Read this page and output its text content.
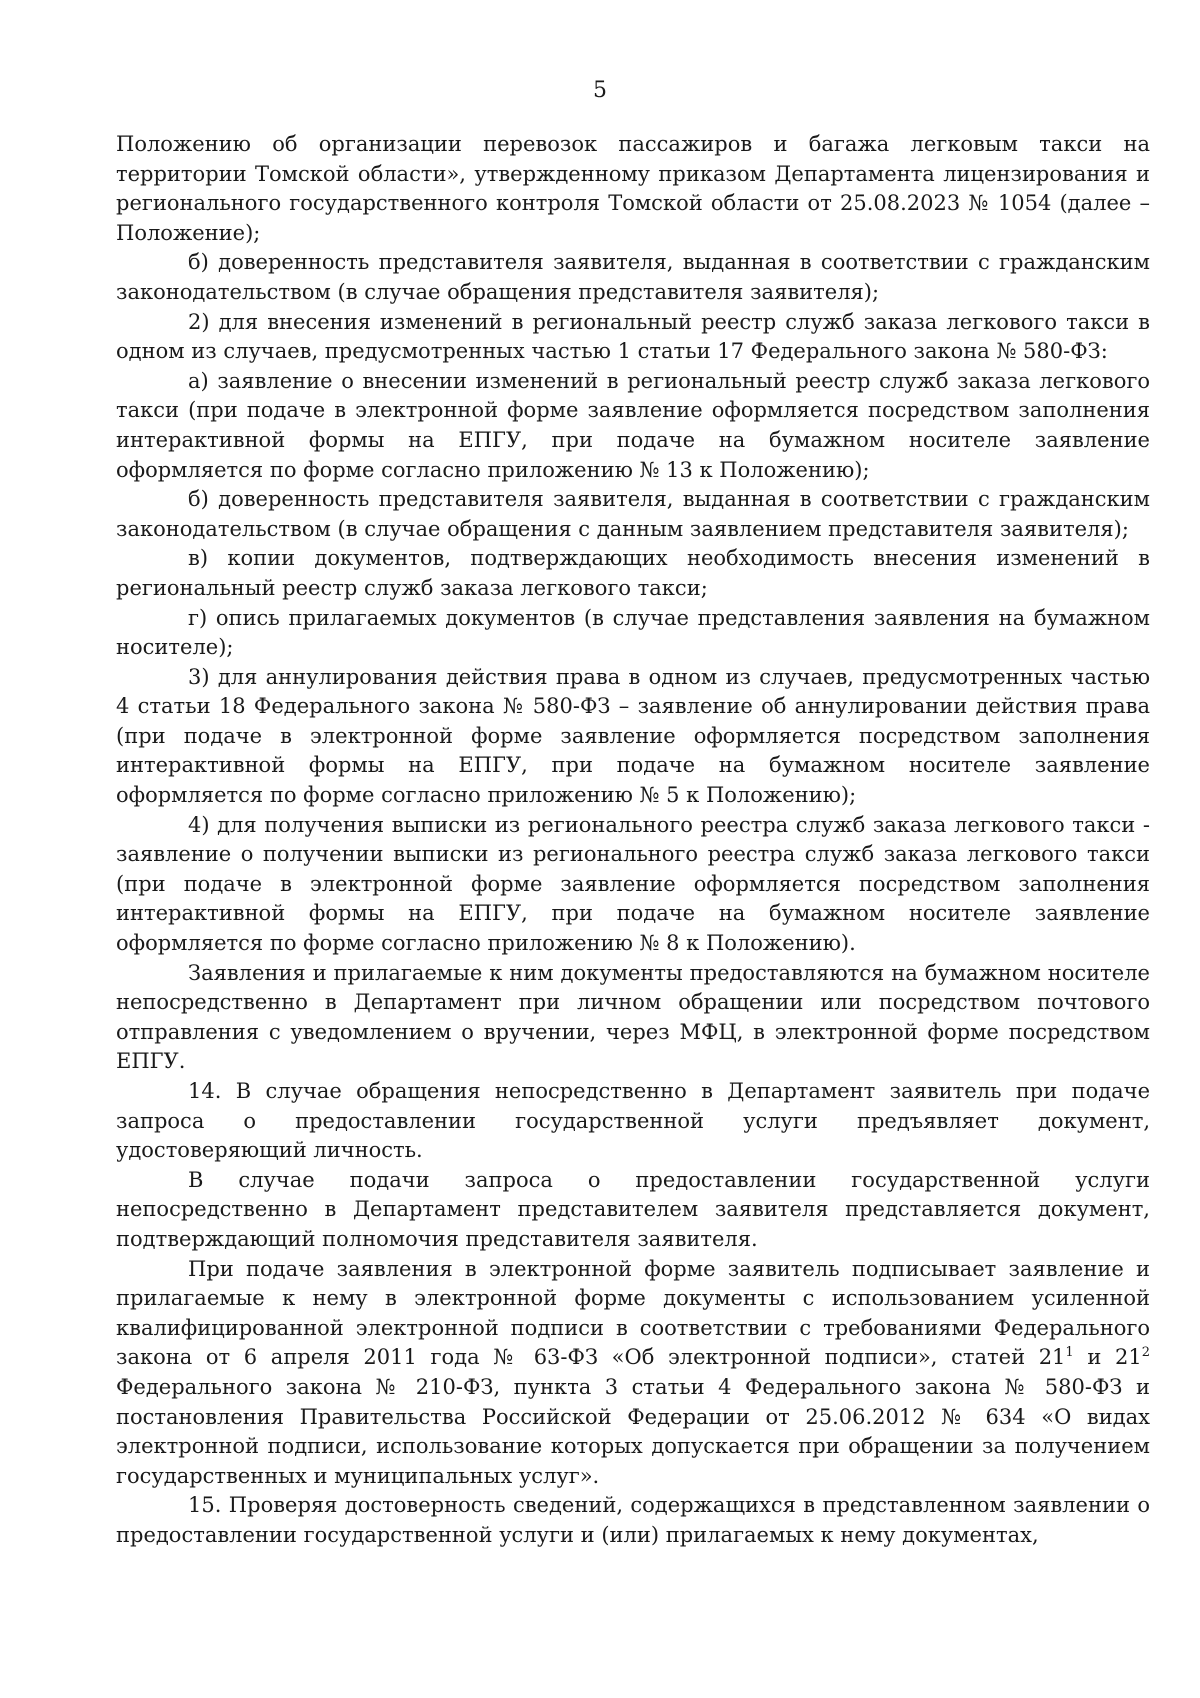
5

Положению об организации перевозок пассажиров и багажа легковым такси на территории Томской области», утвержденному приказом Департамента лицензирования и регионального государственного контроля Томской области от 25.08.2023 № 1054 (далее – Положение);

б) доверенность представителя заявителя, выданная в соответствии с гражданским законодательством (в случае обращения представителя заявителя);

2) для внесения изменений в региональный реестр служб заказа легкового такси в одном из случаев, предусмотренных частью 1 статьи 17 Федерального закона № 580-ФЗ:

а) заявление о внесении изменений в региональный реестр служб заказа легкового такси (при подаче в электронной форме заявление оформляется посредством заполнения интерактивной формы на ЕПГУ, при подаче на бумажном носителе заявление оформляется по форме согласно приложению № 13 к Положению);

б) доверенность представителя заявителя, выданная в соответствии с гражданским законодательством (в случае обращения с данным заявлением представителя заявителя);

в) копии документов, подтверждающих необходимость внесения изменений в региональный реестр служб заказа легкового такси;

г) опись прилагаемых документов (в случае представления заявления на бумажном носителе);

3) для аннулирования действия права в одном из случаев, предусмотренных частью 4 статьи 18 Федерального закона № 580-ФЗ – заявление об аннулировании действия права (при подаче в электронной форме заявление оформляется посредством заполнения интерактивной формы на ЕПГУ, при подаче на бумажном носителе заявление оформляется по форме согласно приложению № 5 к Положению);

4) для получения выписки из регионального реестра служб заказа легкового такси - заявление о получении выписки из регионального реестра служб заказа легкового такси (при подаче в электронной форме заявление оформляется посредством заполнения интерактивной формы на ЕПГУ, при подаче на бумажном носителе заявление оформляется по форме согласно приложению № 8 к Положению).

Заявления и прилагаемые к ним документы предоставляются на бумажном носителе непосредственно в Департамент при личном обращении или посредством почтового отправления с уведомлением о вручении, через МФЦ, в электронной форме посредством ЕПГУ.

14. В случае обращения непосредственно в Департамент заявитель при подаче запроса о предоставлении государственной услуги предъявляет документ, удостоверяющий личность.

В случае подачи запроса о предоставлении государственной услуги непосредственно в Департамент представителем заявителя представляется документ, подтверждающий полномочия представителя заявителя.

При подаче заявления в электронной форме заявитель подписывает заявление и прилагаемые к нему в электронной форме документы с использованием усиленной квалифицированной электронной подписи в соответствии с требованиями Федерального закона от 6 апреля 2011 года № 63-ФЗ «Об электронной подписи», статей $21^1$ и $21^2$ Федерального закона № 210-ФЗ, пункта 3 статьи 4 Федерального закона № 580-ФЗ и постановления Правительства Российской Федерации от 25.06.2012 № 634 «О видах электронной подписи, использование которых допускается при обращении за получением государственных и муниципальных услуг».

15. Проверяя достоверность сведений, содержащихся в представленном заявлении о предоставлении государственной услуги и (или) прилагаемых к нему документах,
